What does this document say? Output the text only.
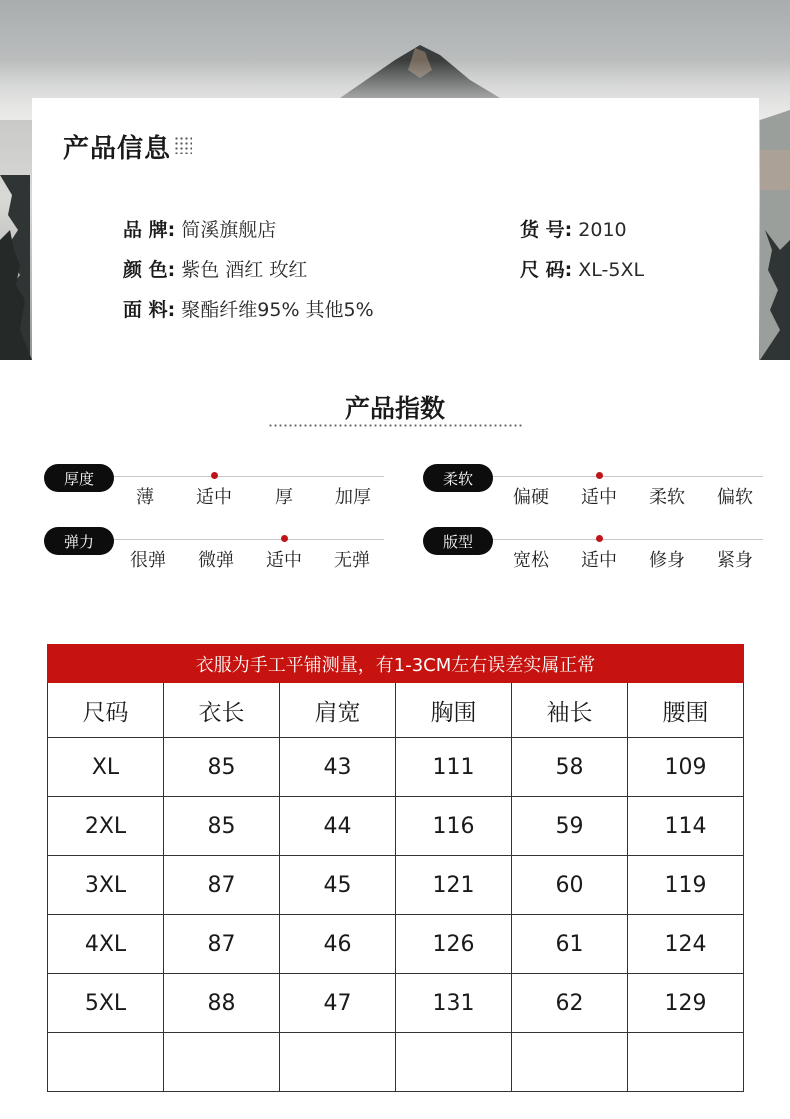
产品信息
品 牌: 简溪旗舰店
颜 色: 紫色 酒红 玫红
面 料: 聚酯纤维95% 其他5%
货 号: 2010
尺 码: XL-5XL
产品指数
厚度
薄 适中 厚 加厚
柔软
偏硬 适中 柔软 偏软
弹力
很弹 微弹 适中 无弹
版型
宽松 适中 修身 紧身
衣服为手工平铺测量，有1-3CM左右误差实属正常					
尺码	衣长	肩宽	胸围	袖长	腰围
XL	85	43	111	58	109
2XL	85	44	116	59	114
3XL	87	45	121	60	119
4XL	87	46	126	61	124
5XL	88	47	131	62	129
